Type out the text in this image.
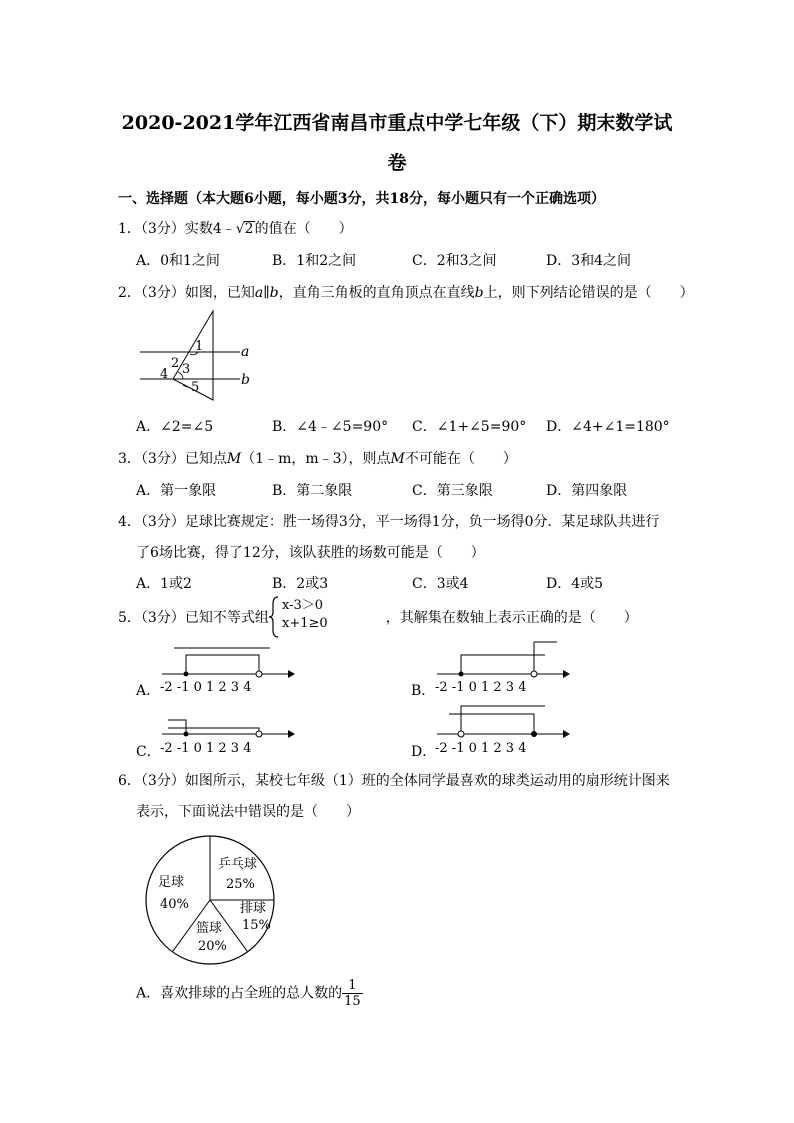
2020-2021学年江西省南昌市重点中学七年级（下）期末数学试
卷
一、选择题（本大题6小题，每小题3分，共18分，每小题只有一个正确选项）
1．（3分）实数4﹣√2的值在（　　）
A．0和1之间	B．1和2之间	C．2和3之间	D．3和4之间
2．（3分）如图，已知a∥b，直角三角板的直角顶点在直线b上，则下列结论错误的是（　　）
1
2 3
4
5
a
b
A．∠2=∠5	B．∠4﹣∠5=90° C．∠1+∠5=90° D．∠4+∠1=180°
3．（3分）已知点M（1﹣m，m﹣3），则点M不可能在（　　）
A．第一象限	B．第二象限	C．第三象限	D．第四象限
4．（3分）足球比赛规定：胜一场得3分，平一场得1分，负一场得0分．某足球队共进行
了6场比赛，得了12分，该队获胜的场数可能是（　　）
A．1或2	B．2或3	C．3或4	D．4或5
5．（3分）已知不等式组	，其解集在数轴上表示正确的是（　　）
x-3＞0
x+1≥0
A．	B．
C．	D．
-2 -1 0 1 2 3 4	-2 -1 0 1 2 3 4
-2 -1 0 1 2 3 4	-2 -1 0 1 2 3 4
6．（3分）如图所示，某校七年级（1）班的全体同学最喜欢的球类运动用的扇形统计图来
表示，下面说法中错误的是（　　）
足球
40%
乒乓球
25%
排球
15%
篮球
20%
A．喜欢排球的占全班的总人数的 $\frac{1}{15}$
